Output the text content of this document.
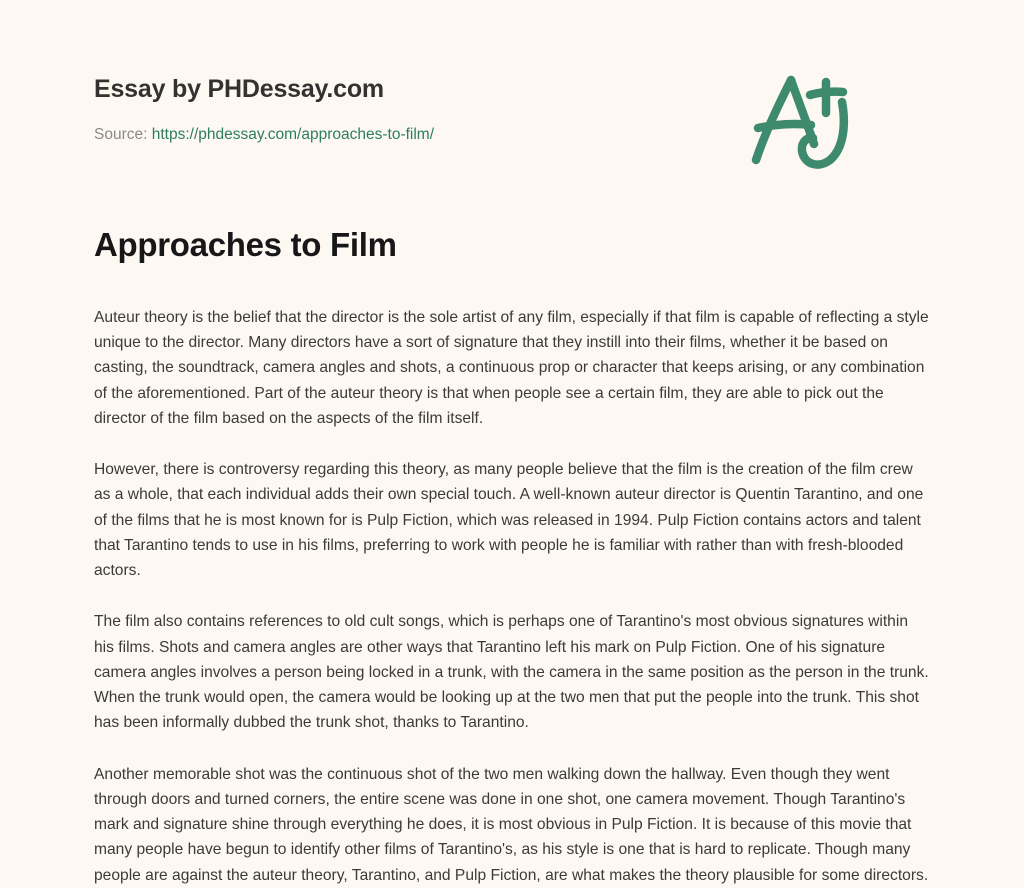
Essay by PHDessay.com
Source: https://phdessay.com/approaches-to-film/
Approaches to Film

Auteur theory is the belief that the director is the sole artist of any film, especially if that film is capable of reflecting a style unique to the director. Many directors have a sort of signature that they instill into their films, whether it be based on casting, the soundtrack, camera angles and shots, a continuous prop or character that keeps arising, or any combination of the aforementioned. Part of the auteur theory is that when people see a certain film, they are able to pick out the director of the film based on the aspects of the film itself.

However, there is controversy regarding this theory, as many people believe that the film is the creation of the film crew as a whole, that each individual adds their own special touch. A well-known auteur director is Quentin Tarantino, and one of the films that he is most known for is Pulp Fiction, which was released in 1994. Pulp Fiction contains actors and talent that Tarantino tends to use in his films, preferring to work with people he is familiar with rather than with fresh-blooded actors.

The film also contains references to old cult songs, which is perhaps one of Tarantino's most obvious signatures within his films. Shots and camera angles are other ways that Tarantino left his mark on Pulp Fiction. One of his signature camera angles involves a person being locked in a trunk, with the camera in the same position as the person in the trunk. When the trunk would open, the camera would be looking up at the two men that put the people into the trunk. This shot has been informally dubbed the trunk shot, thanks to Tarantino.

Another memorable shot was the continuous shot of the two men walking down the hallway. Even though they went through doors and turned corners, the entire scene was done in one shot, one camera movement. Though Tarantino's mark and signature shine through everything he does, it is most obvious in Pulp Fiction. It is because of this movie that many people have begun to identify other films of Tarantino's, as his style is one that is hard to replicate. Though many people are against the auteur theory, Tarantino, and Pulp Fiction, are what makes the theory plausible for some directors.
